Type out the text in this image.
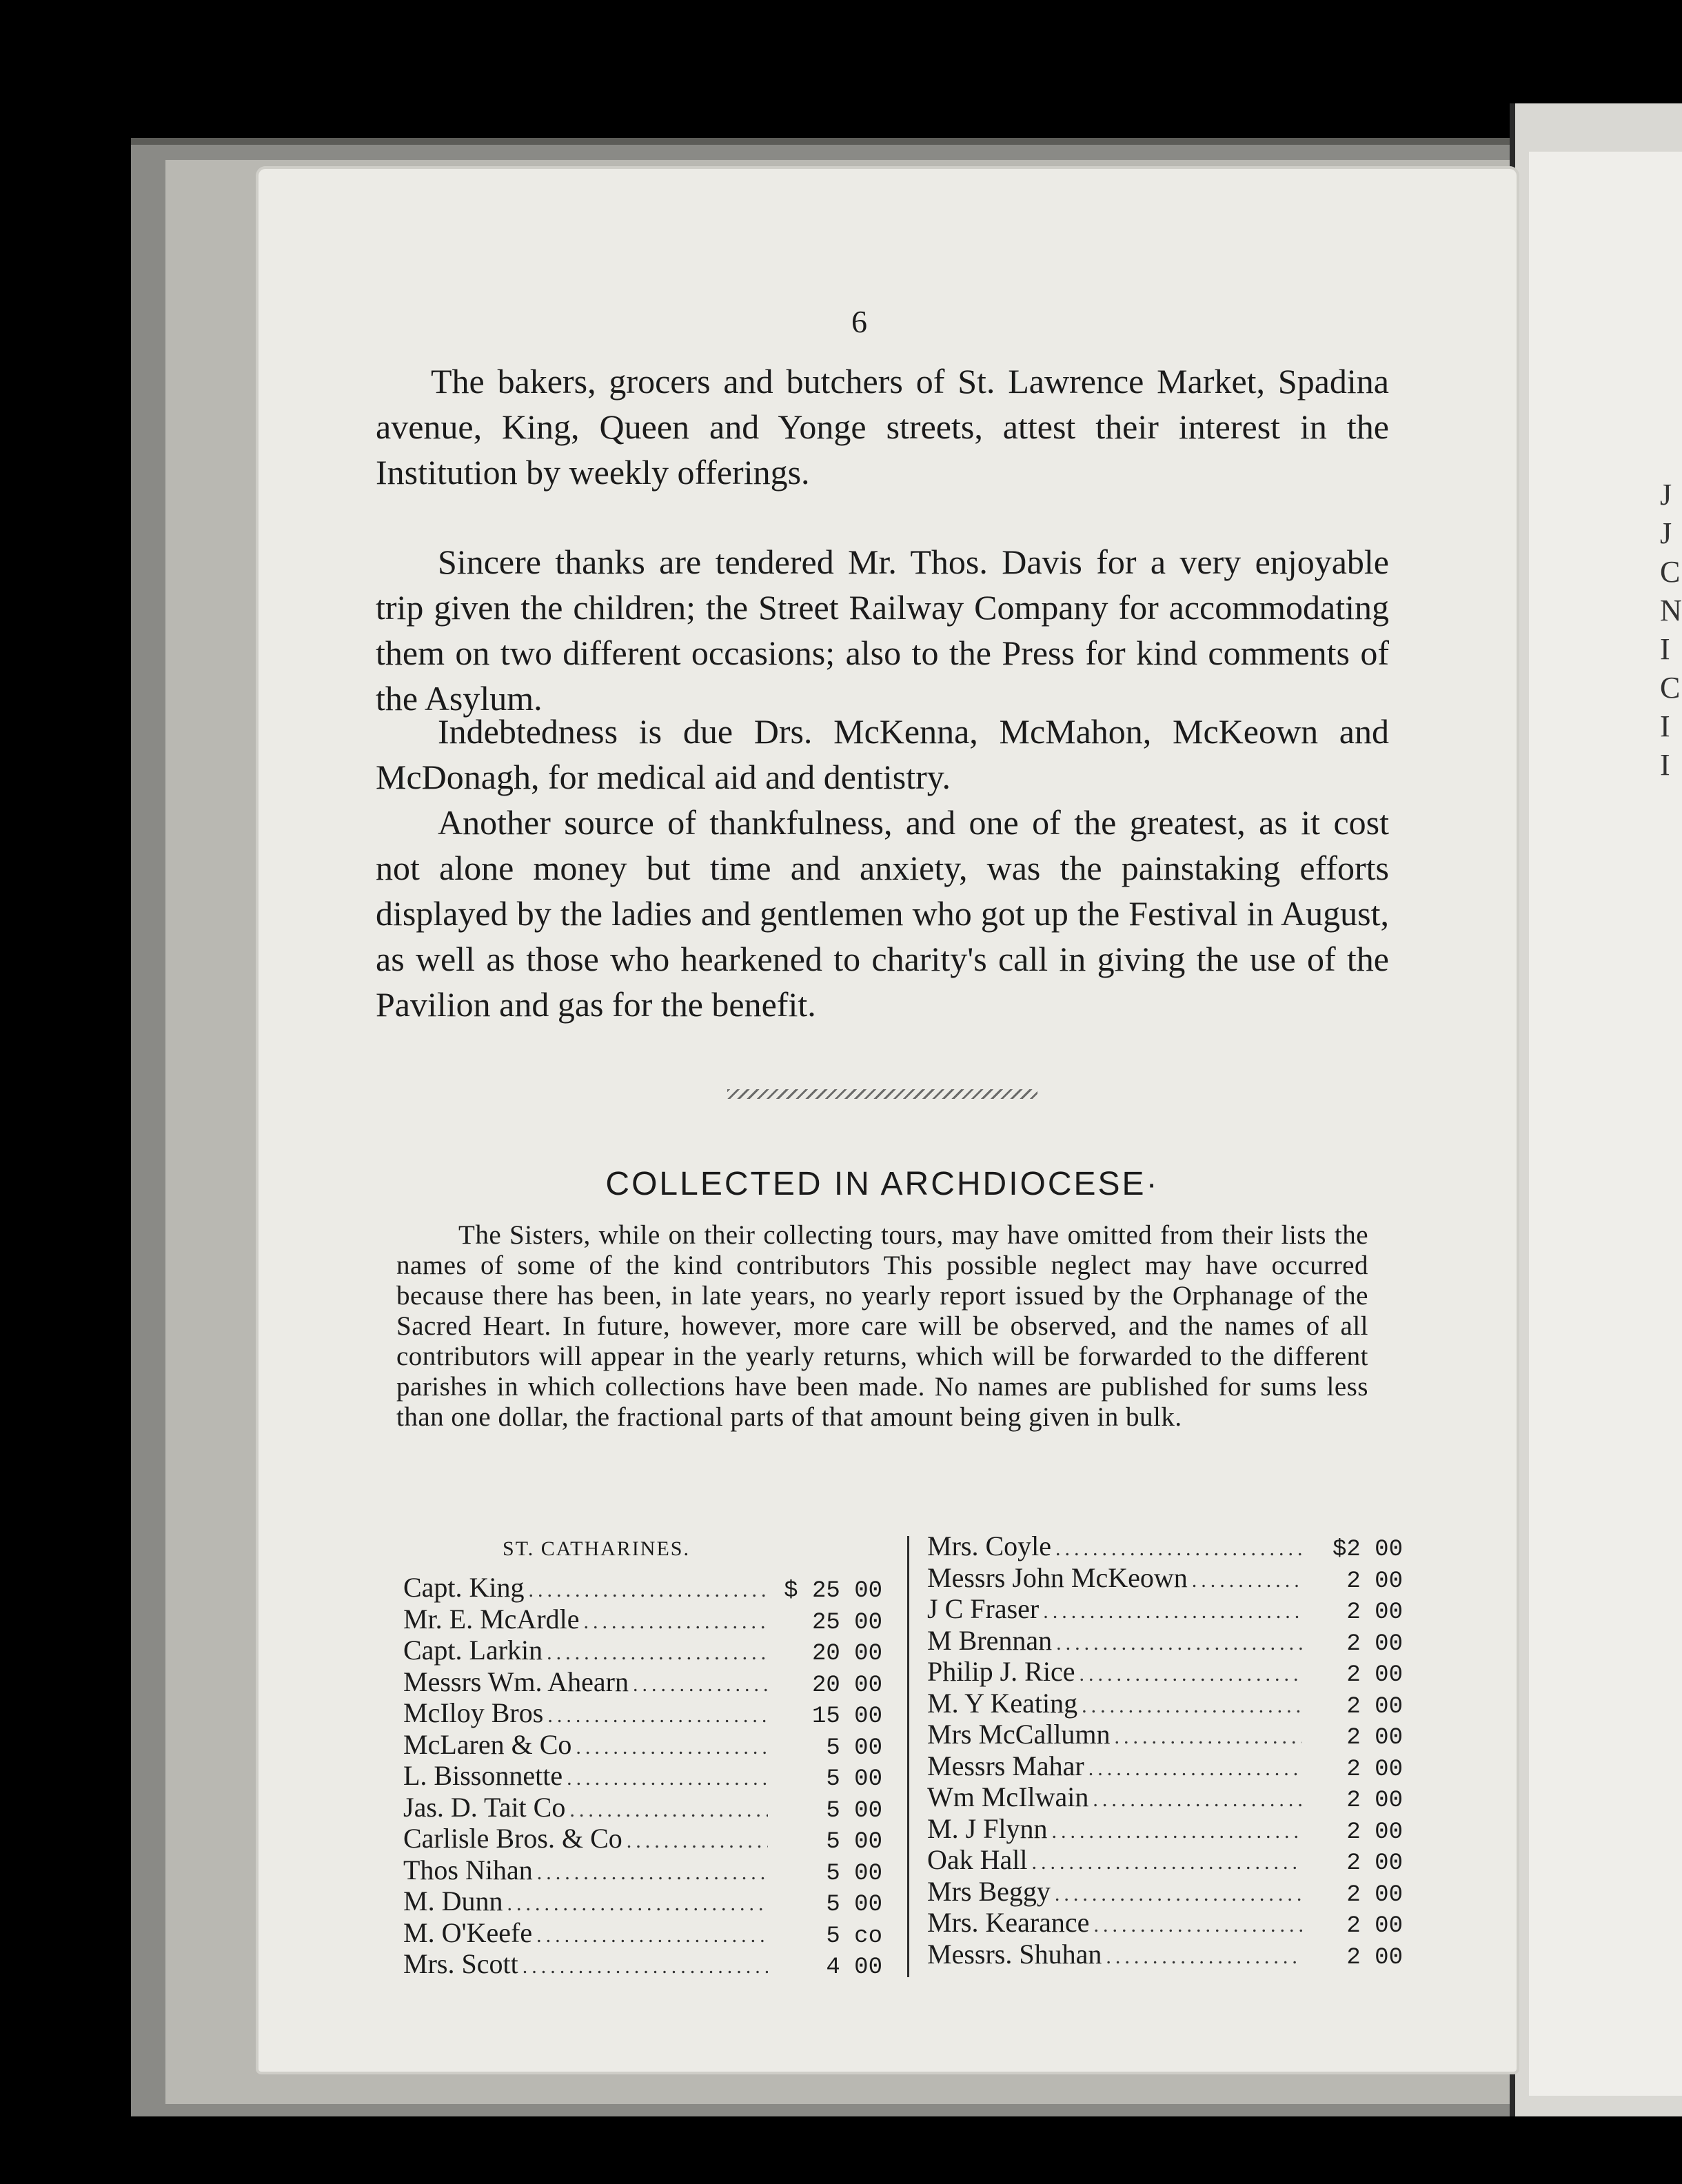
J
J
C
N
I
C
I
I
6

The bakers, grocers and butchers of St. Lawrence Market, Spadina avenue, King, Queen and Yonge streets, attest their interest in the Institution by weekly offerings.

Sincere thanks are tendered Mr. Thos. Davis for a very enjoyable trip given the children; the Street Railway Company for accommodating them on two different occasions; also to the Press for kind comments of the Asylum.

Indebtedness is due Drs. McKenna, McMahon, McKeown and McDonagh, for medical aid and dentistry.

Another source of thankfulness, and one of the greatest, as it cost not alone money but time and anxiety, was the painstaking efforts displayed by the ladies and gentlemen who got up the Festival in August, as well as those who hearkened to charity's call in giving the use of the Pavilion and gas for the benefit.

COLLECTED IN ARCHDIOCESE·

The Sisters, while on their collecting tours, may have omitted from their lists the names of some of the kind contributors This possible neglect may have occurred because there has been, in late years, no yearly report issued by the Orphanage of the Sacred Heart. In future, however, more care will be observed, and the names of all contributors will appear in the yearly returns, which will be forwarded to the different parishes in which collections have been made. No names are published for sums less than one dollar, the fractional parts of that amount being given in bulk.

ST. CATHARINES.
Capt. King .....	$ 25 00
Mr. E. McArdle .....	25 00
Capt. Larkin .....	20 00
Messrs Wm. Ahearn .....	20 00
McIloy Bros .....	15 00
McLaren & Co .....	5 00
L. Bissonnette .....	5 00
Jas. D. Tait Co .....	5 00
Carlisle Bros. & Co .....	5 00
Thos Nihan .....	5 00
M. Dunn .....	5 00
M. O'Keefe .....	5 co
Mrs. Scott .....	4 00
Mrs. Coyle .....	$2 00
Messrs John McKeown .....	2 00
J C Fraser .....	2 00
M Brennan .....	2 00
Philip J. Rice .....	2 00
M. Y Keating .....	2 00
Mrs McCallumn .....	2 00
Messrs Mahar .....	2 00
Wm McIlwain .....	2 00
M. J Flynn .....	2 00
Oak Hall .....	2 00
Mrs Beggy .....	2 00
Mrs. Kearance .....	2 00
Messrs. Shuhan .....	2 00
